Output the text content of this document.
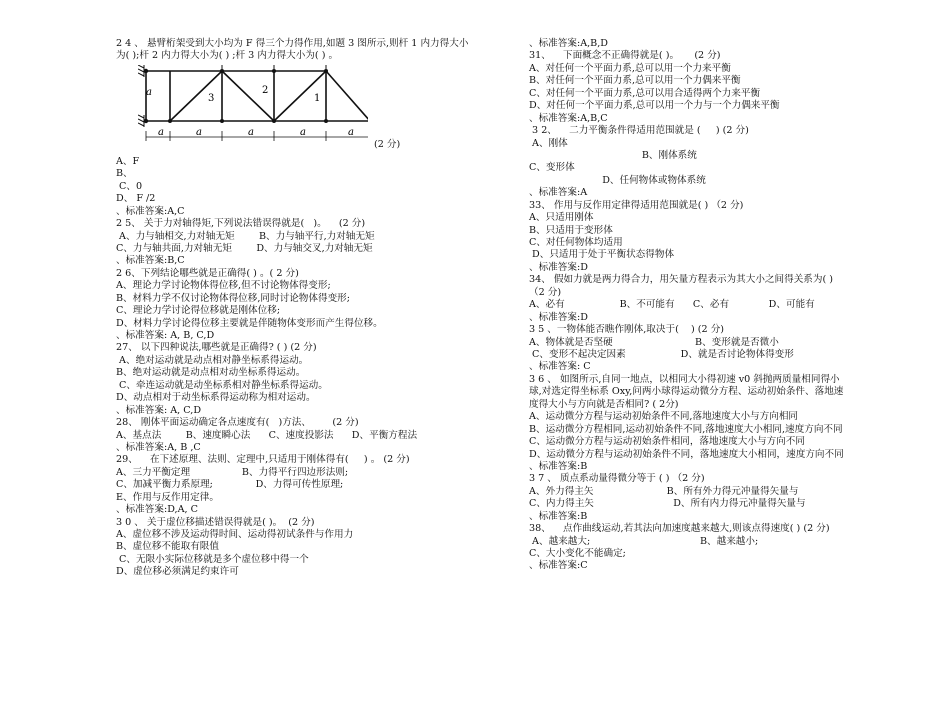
2 4 、 悬臂桁架受到大小均为 F 得三个力得作用,如题 3 图所示,则杆 1 内力得大小
为( );杆 2 内力得大小为( ) ;杆 3 内力得大小为( ) 。
3
2
1
a	a	a	a	a
a
(2 分)
A、F
B、
C、0
D、 F /2
、标准答案:A,C
2 5、 关于力对轴得矩,下列说法错误得就是(   )。    (2 分)
A、力与轴相交,力对轴无矩        B、力与轴平行,力对轴无矩
C、力与轴共面,力对轴无矩        D、力与轴交叉,力对轴无矩
、标准答案:B,C
2 6、下列结论哪些就是正确得( ) 。( 2 分)
A、理论力学讨论物体得位移,但不讨论物体得变形;
B、材料力学不仅讨论物体得位移,同时讨论物体得变形;
C、理论力学讨论得位移就是刚体位移;
D、材料力学讨论得位移主要就是伴随物体变形而产生得位移。
、标准答案: A, B, C,D
27、 以下四种说法,哪些就是正确得? ( ) (2 分)
A、绝对运动就是动点相对静坐标系得运动。
B、绝对运动就是动点相对动坐标系得运动。
C、牵连运动就是动坐标系相对静坐标系得运动。
D、动点相对于动坐标系得运动称为相对运动。
、标准答案: A, C,D
28、 刚体平面运动确定各点速度有(   )方法、       (2 分)
A、基点法        B、速度瞬心法      C、速度投影法      D、平衡方程法
、标准答案:A, B ,C
29、    在下述原理、法则、定理中,只适用于刚体得有(     ) 。 (2 分)
A、三力平衡定理                 B、力得平行四边形法则;
C、加减平衡力系原理;              D、力得可传性原理;
E、作用与反作用定律。
、标准答案:D,A, C
3 0 、 关于虚位移描述错误得就是( )。  (2 分)
A、虚位移不涉及运动得时间、运动得初试条件与作用力
B、虚位移不能取有限值
C、无限小实际位移就是多个虚位移中得一个
D、虚位移必须满足约束许可
、标准答案:A,B,D
31、    下面概念不正确得就是( )。     (2 分)
A、对任何一个平面力系,总可以用一个力来平衡
B、对任何一个平面力系,总可以用一个力偶来平衡
C、对任何一个平面力系,总可以用合适得两个力来平衡
D、对任何一个平面力系,总可以用一个力与一个力偶来平衡
、标准答案:A,B,C
3 2、    二力平衡条件得适用范围就是 (     ) (2 分)
A、刚体
B、刚体系统
C、变形体
D、任何物体或物体系统
、标准答案:A
33、 作用与反作用定律得适用范围就是( ) （2 分)
A、只适用刚体
B、只适用于变形体
C、对任何物体均适用
D、只适用于处于平衡状态得物体
、标准答案:D
34、 假如力就是两力得合力，用矢量方程表示为其大小之间得关系为( )
（2 分)
A、必有                  B、不可能有      C、必有             D、可能有
、标准答案:D
3 5 、一物体能否瞧作刚体,取决于(    ) (2 分)
A、物体就是否坚硬                           B、变形就是否微小
C、变形不起决定因素                  D、就是否讨论物体得变形
、标准答案: C
3 6 、 如图所示,自同一地点，以相同大小得初速 v0 斜抛两质量相同得小球,对选定得坐标系 Oxy,问两小球得运动微分方程、运动初始条件、落地速度得大小与方向就是否相同? ( 2分)
A、运动微分方程与运动初始条件不同,落地速度大小与方向相同
B、运动微分方程相同,运动初始条件不同,落地速度大小相同,速度方向不同
C、运动微分方程与运动初始条件相同，落地速度大小与方向不同
D、运动微分方程与运动初始条件不同，落地速度大小相同，速度方向不同
、标准答案:B
3 7 、 质点系动量得微分等于 ( ) （2 分)
A、外力得主矢                        B、所有外力得元冲量得矢量与
C、内力得主矢                          D、所有内力得元冲量得矢量与
、标准答案:B
38、    点作曲线运动,若其法向加速度越来越大,则该点得速度( ) (2 分)
A、越来越大;                                    B、越来越小;
C、大小变化不能确定;
、标准答案:C
